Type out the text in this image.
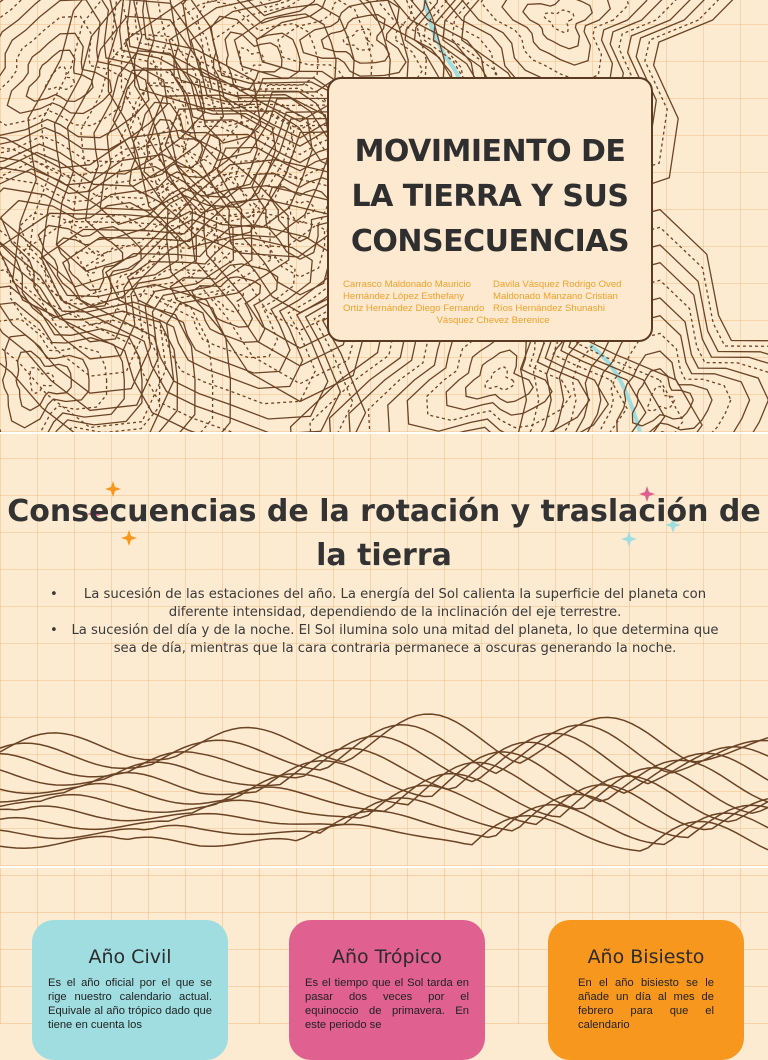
MOVIMIENTO DE LA TIERRA Y SUS CONSECUENCIAS
Carrasco Maldonado Mauricio	Davila Vásquez Rodrigo Oved
Hernández López Esthefany	Maldonado Manzano Cristian
Ortiz Hernández Diego Fernando Ríos Hernández Shunashi
Vásquez Chevez Berenice
Consecuencias de la rotación y traslación de la tierra
• La sucesión de las estaciones del año. La energía del Sol calienta la superficie del planeta con diferente intensidad, dependiendo de la inclinación del eje terrestre.
• La sucesión del día y de la noche. El Sol ilumina solo una mitad del planeta, lo que determina que sea de día, mientras que la cara contraria permanece a oscuras generando la noche.
Año Civil

Es el año oficial por el que se rige nuestro calendario actual. Equivale al año trópico dado que tiene en cuenta los

Año Trópico

Es el tiempo que el Sol tarda en pasar dos veces por el equinoccio de primavera. En este periodo se

Año Bisiesto

En el año bisiesto se le añade un día al mes de febrero para que el calendario
